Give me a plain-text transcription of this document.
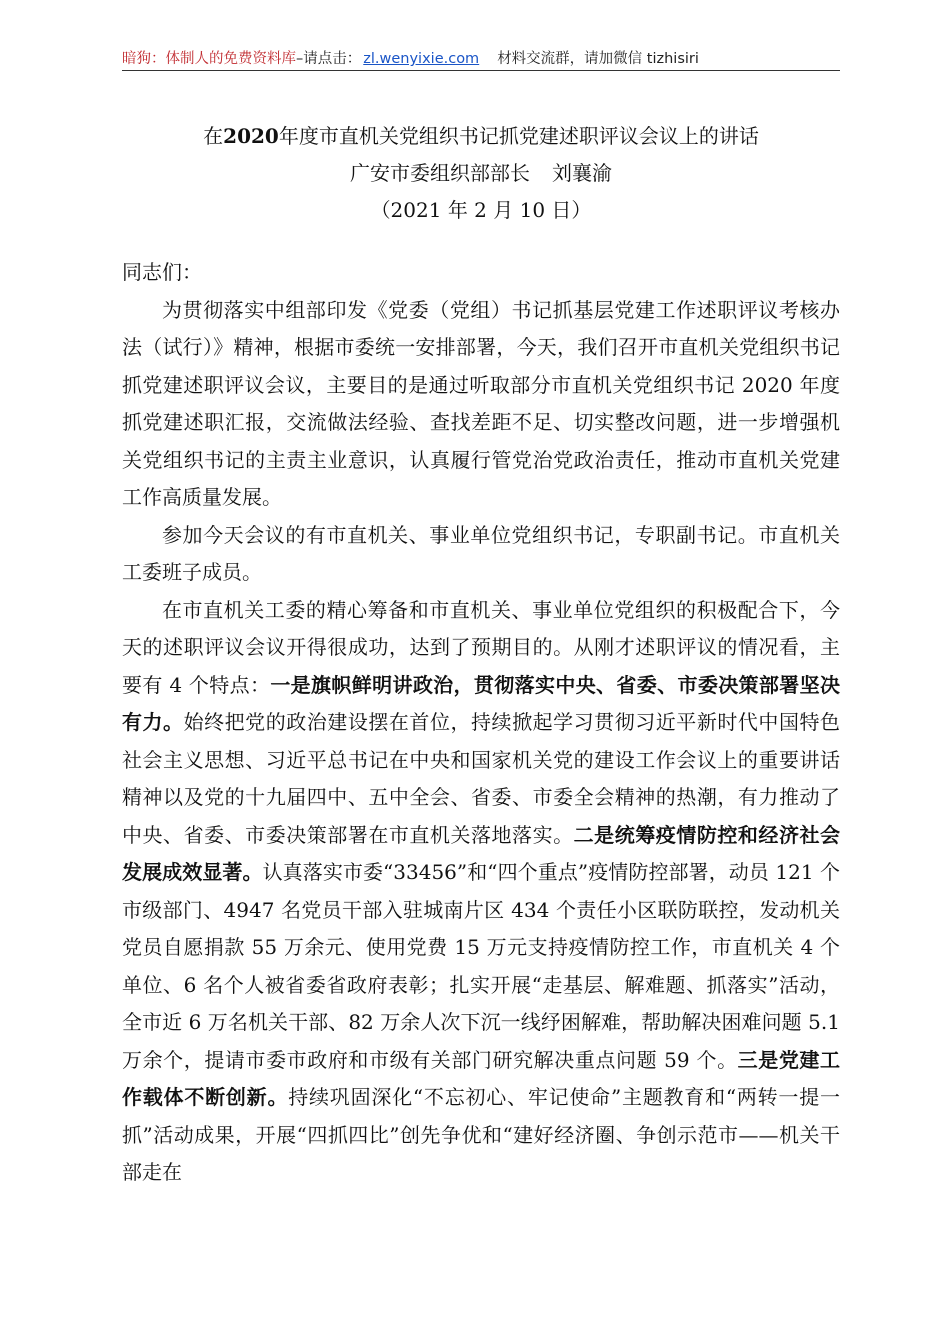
暗狗：体制人的免费资料库–请点击： zl.wenyixie.com 材料交流群，请加微信 tizhisiri
在2020年度市直机关党组织书记抓党建述职评议会议上的讲话
广安市委组织部部长 刘襄渝
（2021 年 2 月 10 日）

同志们：

为贯彻落实中组部印发《党委（党组）书记抓基层党建工作述职评议考核办法（试行）》精神，根据市委统一安排部署，今天，我们召开市直机关党组织书记抓党建述职评议会议，主要目的是通过听取部分市直机关党组织书记 2020 年度抓党建述职汇报，交流做法经验、查找差距不足、切实整改问题，进一步增强机关党组织书记的主责主业意识，认真履行管党治党政治责任，推动市直机关党建工作高质量发展。

参加今天会议的有市直机关、事业单位党组织书记，专职副书记。市直机关工委班子成员。

在市直机关工委的精心筹备和市直机关、事业单位党组织的积极配合下，今天的述职评议会议开得很成功，达到了预期目的。从刚才述职评议的情况看，主要有 4 个特点：一是旗帜鲜明讲政治，贯彻落实中央、省委、市委决策部署坚决有力。始终把党的政治建设摆在首位，持续掀起学习贯彻习近平新时代中国特色社会主义思想、习近平总书记在中央和国家机关党的建设工作会议上的重要讲话精神以及党的十九届四中、五中全会、省委、市委全会精神的热潮，有力推动了中央、省委、市委决策部署在市直机关落地落实。二是统筹疫情防控和经济社会发展成效显著。认真落实市委“33456”和“四个重点”疫情防控部署，动员 121 个市级部门、4947 名党员干部入驻城南片区 434 个责任小区联防联控，发动机关党员自愿捐款 55 万余元、使用党费 15 万元支持疫情防控工作，市直机关 4 个单位、6 名个人被省委省政府表彰；扎实开展“走基层、解难题、抓落实”活动，全市近 6 万名机关干部、82 万余人次下沉一线纾困解难，帮助解决困难问题 5.1 万余个，提请市委市政府和市级有关部门研究解决重点问题 59 个。三是党建工作载体不断创新。持续巩固深化“不忘初心、牢记使命”主题教育和“两转一提一抓”活动成果，开展“四抓四比”创先争优和“建好经济圈、争创示范市——机关干部走在
